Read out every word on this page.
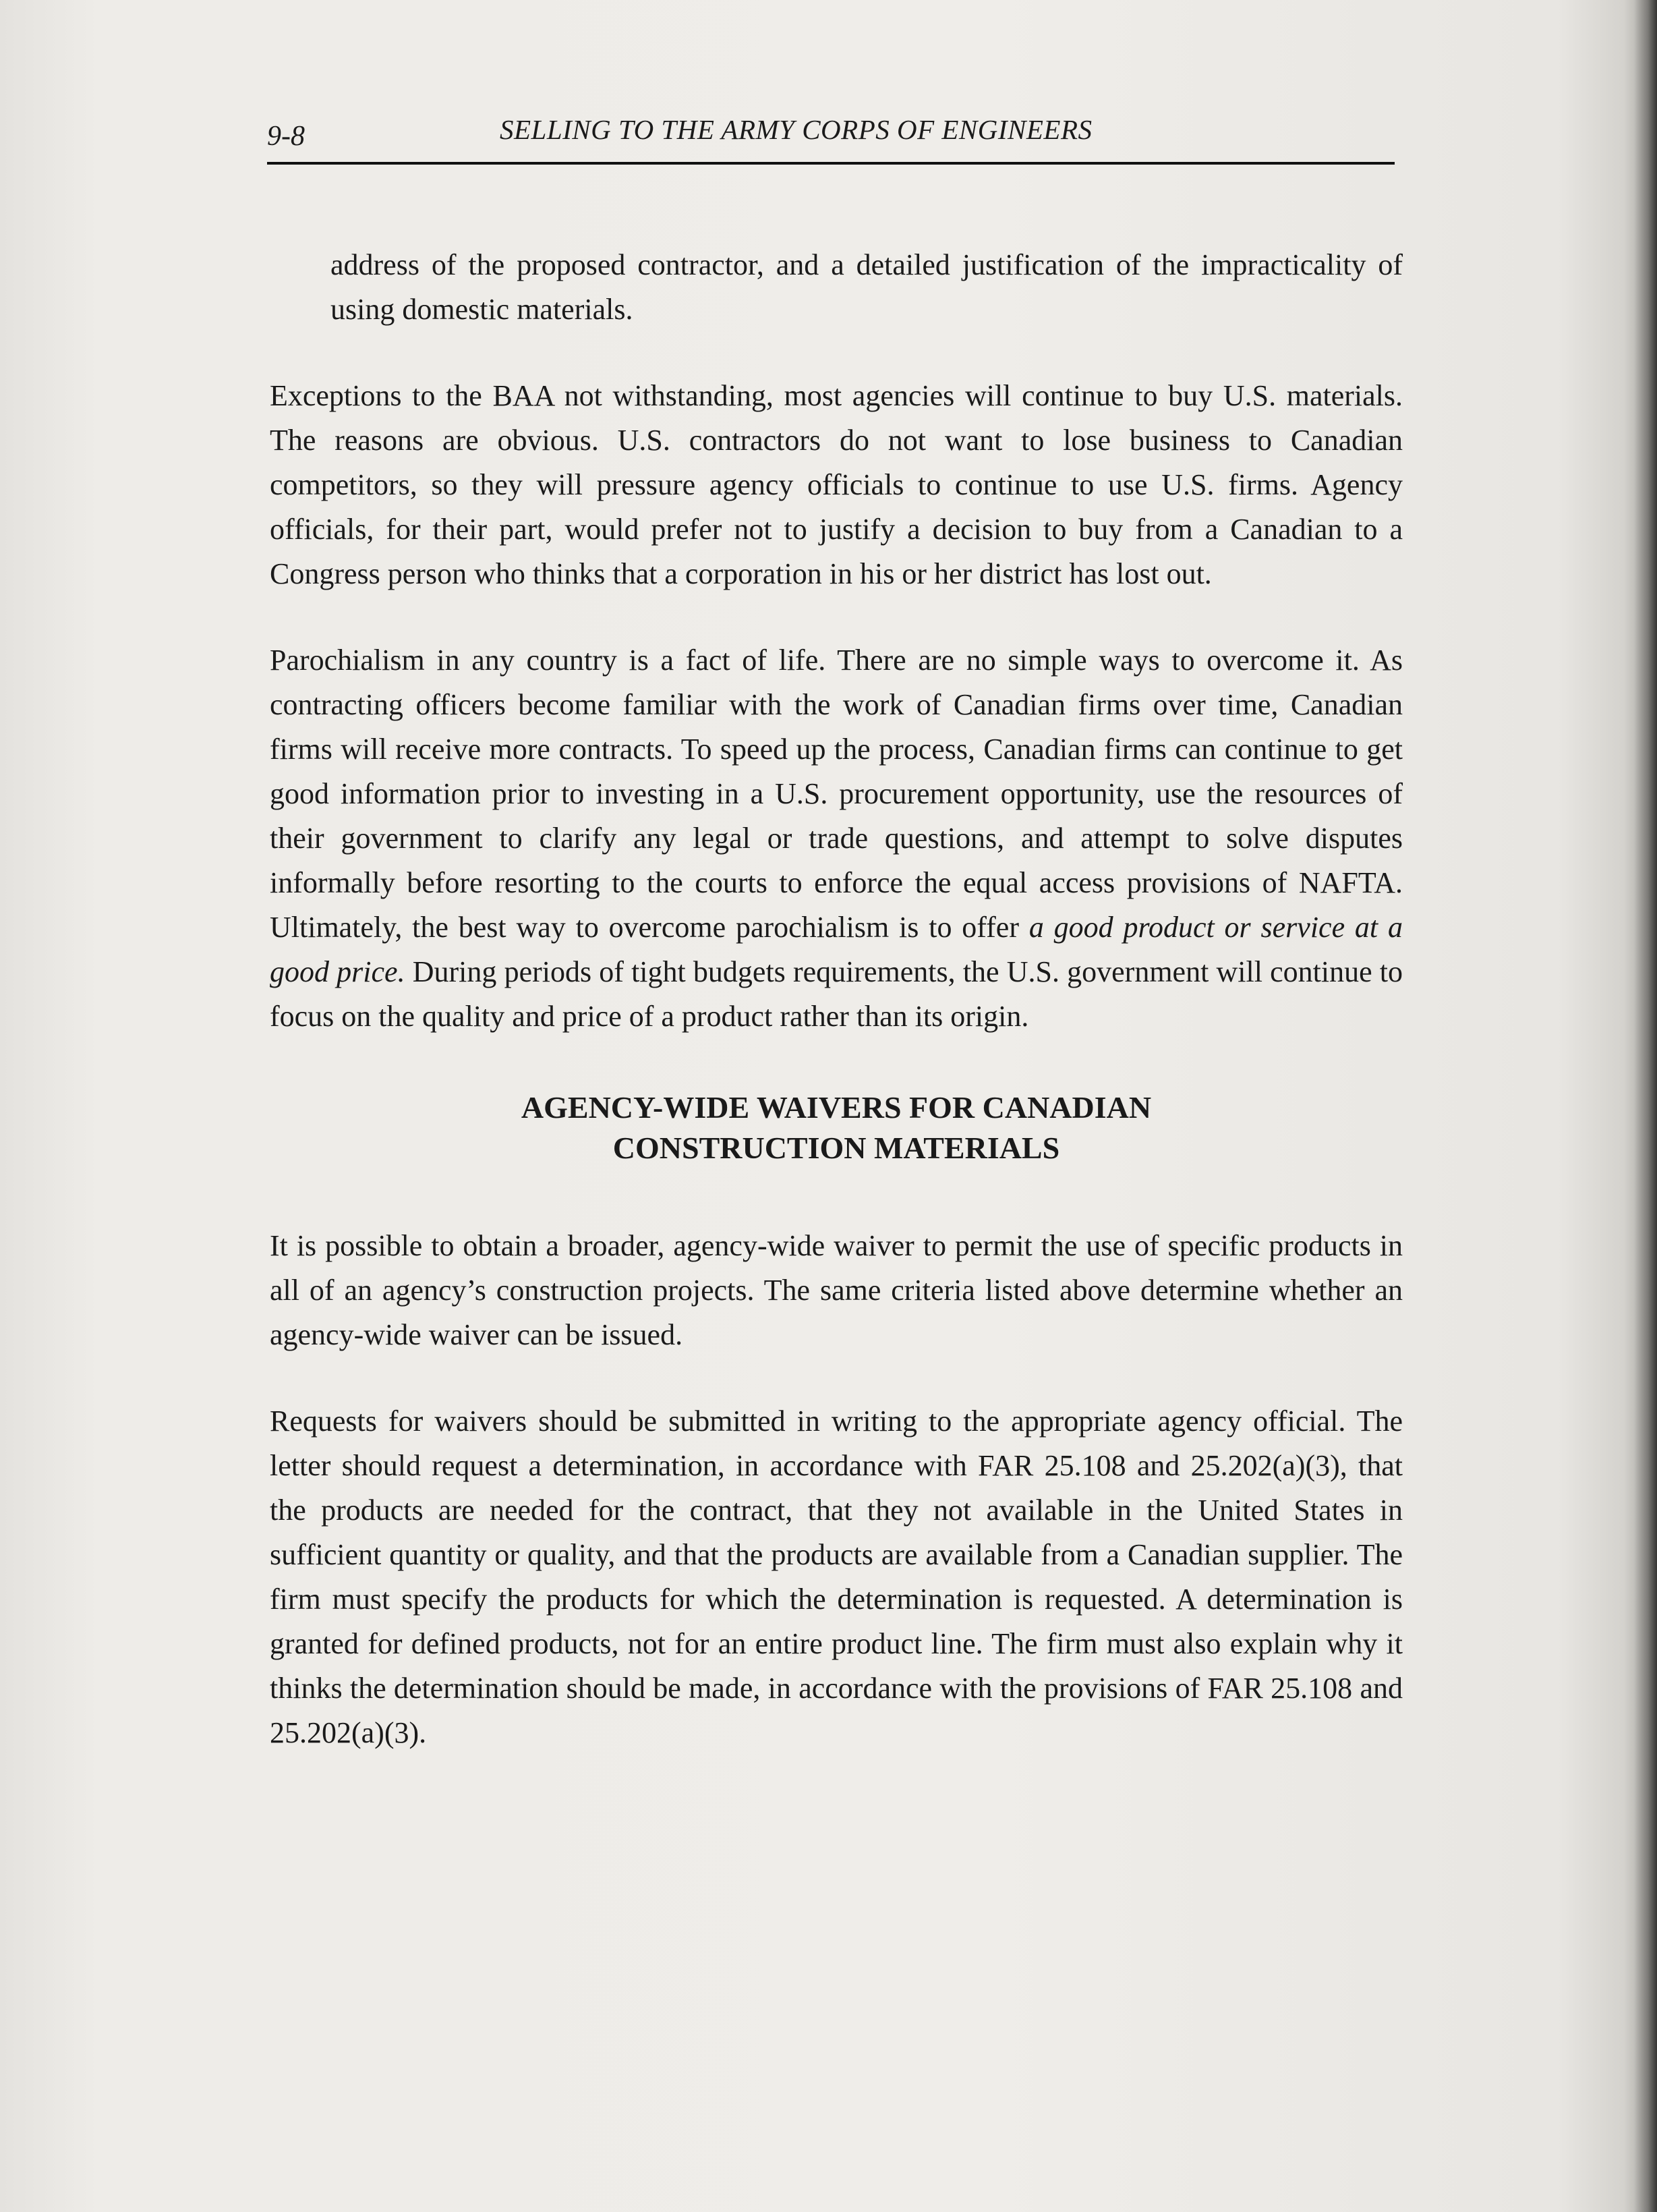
9-8	SELLING TO THE ARMY CORPS OF ENGINEERS

address of the proposed contractor, and a detailed justification of the impracticality of using domestic materials.

Exceptions to the BAA not withstanding, most agencies will continue to buy U.S. materials. The reasons are obvious. U.S. contractors do not want to lose business to Canadian competitors, so they will pressure agency officials to continue to use U.S. firms. Agency officials, for their part, would prefer not to justify a decision to buy from a Canadian to a Congress person who thinks that a corporation in his or her district has lost out.

Parochialism in any country is a fact of life. There are no simple ways to overcome it. As contracting officers become familiar with the work of Canadian firms over time, Canadian firms will receive more contracts. To speed up the process, Canadian firms can continue to get good information prior to investing in a U.S. procurement opportunity, use the resources of their government to clarify any legal or trade questions, and attempt to solve disputes informally before resorting to the courts to enforce the equal access provisions of NAFTA. Ultimately, the best way to overcome parochialism is to offer a good product or service at a good price. During periods of tight budgets requirements, the U.S. government will continue to focus on the quality and price of a product rather than its origin.

AGENCY-WIDE WAIVERS FOR CANADIAN
CONSTRUCTION MATERIALS

It is possible to obtain a broader, agency-wide waiver to permit the use of specific products in all of an agency’s construction projects. The same criteria listed above determine whether an agency-wide waiver can be issued.

Requests for waivers should be submitted in writing to the appropriate agency official. The letter should request a determination, in accordance with FAR 25.108 and 25.202(a)(3), that the products are needed for the contract, that they not available in the United States in sufficient quantity or quality, and that the products are available from a Canadian supplier. The firm must specify the products for which the determination is requested. A determination is granted for defined products, not for an entire product line. The firm must also explain why it thinks the determination should be made, in accordance with the provisions of FAR 25.108 and 25.202(a)(3).
